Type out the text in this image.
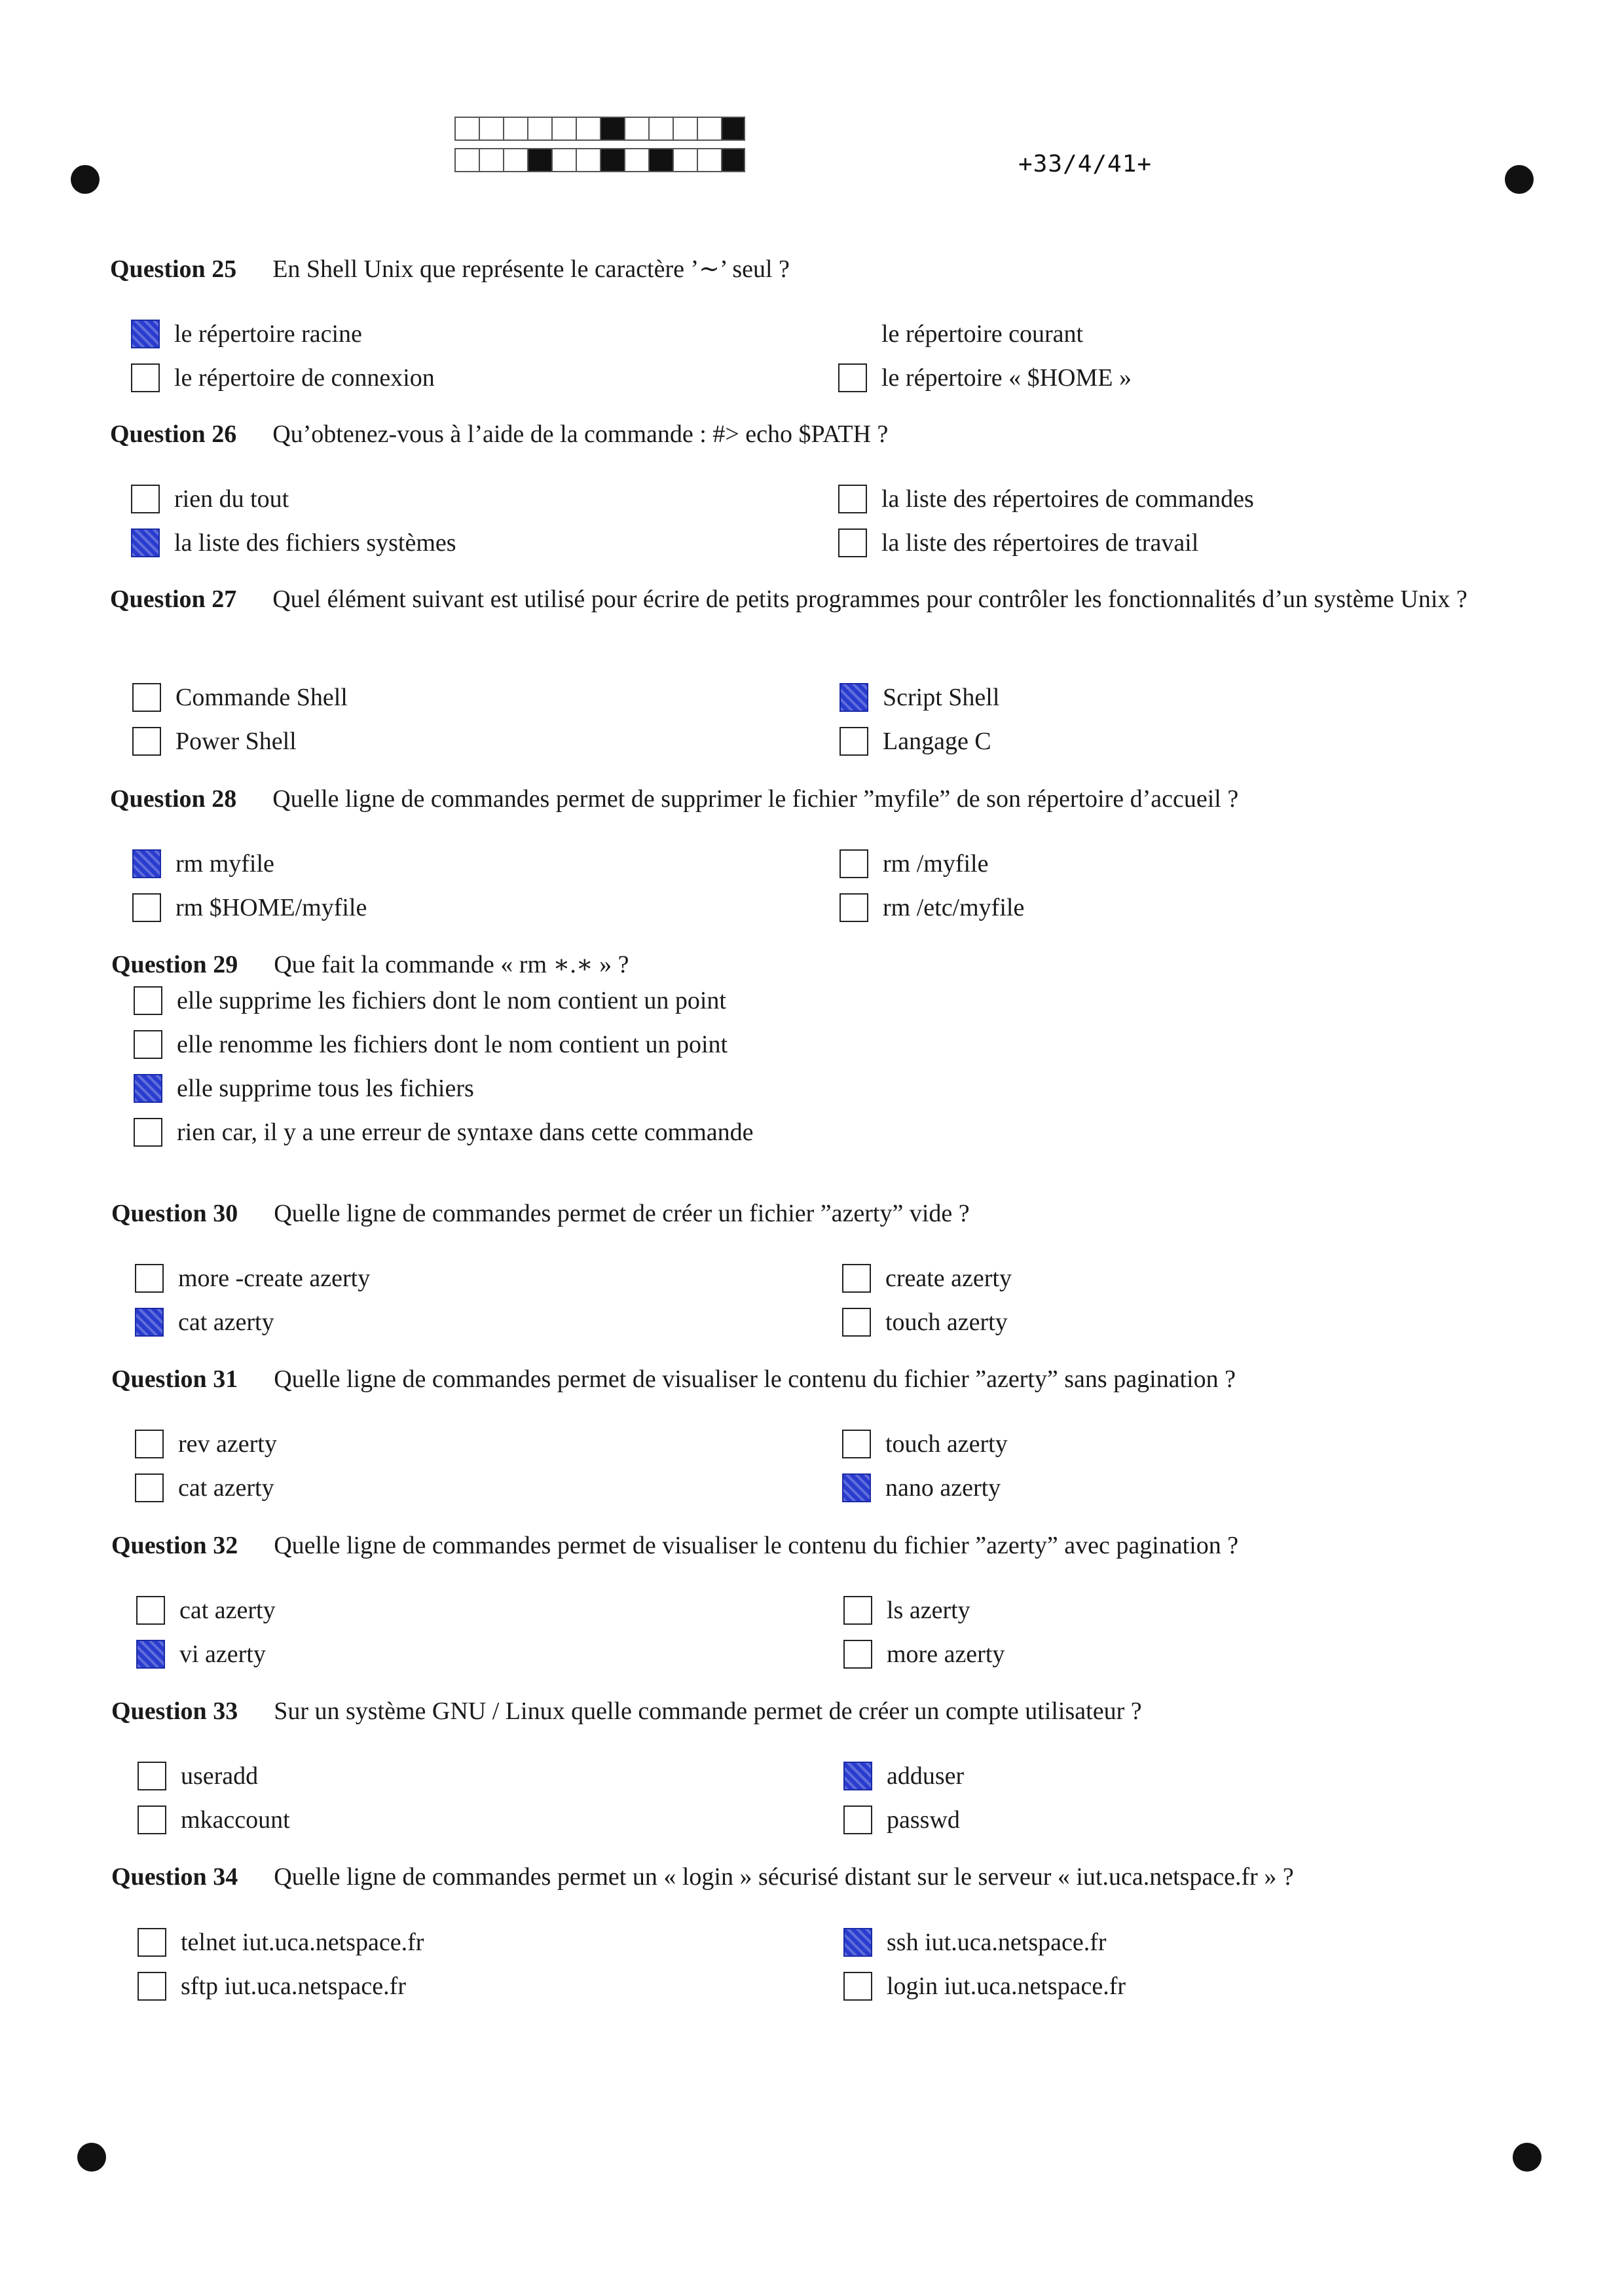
+33/4/41+
Question 25 En Shell Unix que représente le caractère ’∼’ seul ?
le répertoire racine
le répertoire de connexion
le répertoire courant
le répertoire « $HOME »
Question 26 Qu’obtenez-vous à l’aide de la commande : #> echo $PATH ?
rien du tout
la liste des fichiers systèmes
la liste des répertoires de commandes
la liste des répertoires de travail
Question 27 Quel élément suivant est utilisé pour écrire de petits programmes pour contrôler les fonctionnalités d’un système Unix ?
Commande Shell
Power Shell
Script Shell
Langage C
Question 28 Quelle ligne de commandes permet de supprimer le fichier ”myfile” de son répertoire d’accueil ?
rm myfile
rm $HOME/myfile
rm /myfile
rm /etc/myfile
Question 29 Que fait la commande « rm ∗.∗ » ?
elle supprime les fichiers dont le nom contient un point
elle renomme les fichiers dont le nom contient un point
elle supprime tous les fichiers
rien car, il y a une erreur de syntaxe dans cette commande
Question 30 Quelle ligne de commandes permet de créer un fichier ”azerty” vide ?
more -create azerty
cat azerty
create azerty
touch azerty
Question 31 Quelle ligne de commandes permet de visualiser le contenu du fichier ”azerty” sans pagination ?
rev azerty
cat azerty
touch azerty
nano azerty
Question 32 Quelle ligne de commandes permet de visualiser le contenu du fichier ”azerty” avec pagination ?
cat azerty
vi azerty
ls azerty
more azerty
Question 33 Sur un système GNU / Linux quelle commande permet de créer un compte utilisateur ?
useradd
mkaccount
adduser
passwd
Question 34 Quelle ligne de commandes permet un « login » sécurisé distant sur le serveur « iut.uca.netspace.fr » ?
telnet iut.uca.netspace.fr
sftp iut.uca.netspace.fr
ssh iut.uca.netspace.fr
login iut.uca.netspace.fr
